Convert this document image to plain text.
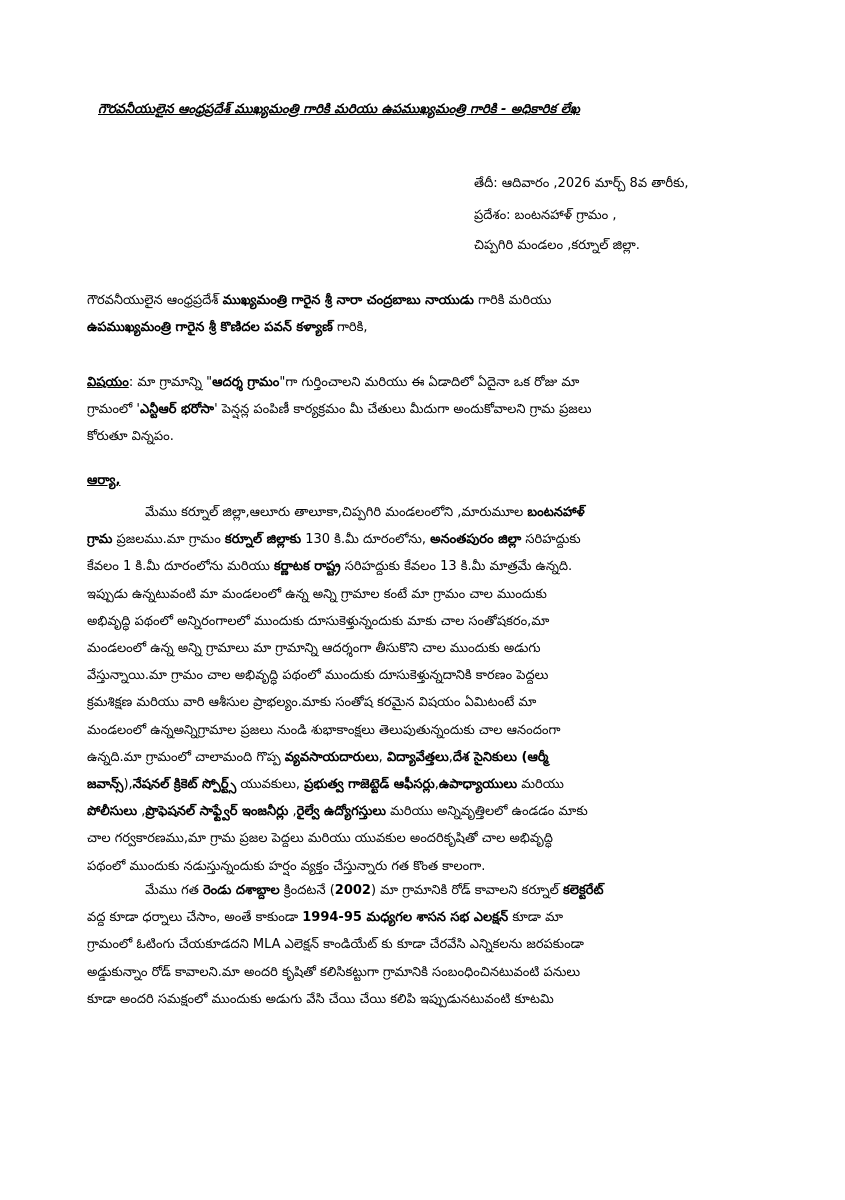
గౌరవనీయులైన ఆంధ్రప్రదేశ్ ముఖ్యమంత్రి గారికి మరియు ఉపముఖ్యమంత్రి గారికి - అధికారిక లేఖ
తేదీ: ఆదివారం ,2026 మార్చ్ 8వ తారీకు,
ప్రదేశం: బంటనహాళ్ గ్రామం ,
చిప్పగిరి మండలం ,కర్నూల్ జిల్లా.
గౌరవనీయులైన ఆంధ్రప్రదేశ్ ముఖ్యమంత్రి గారైన శ్రీ నారా చంద్రబాబు నాయుడు గారికి మరియు
ఉపముఖ్యమంత్రి గారైన శ్రీ కొణిదల పవన్ కళ్యాణ్ గారికి,
విషయం: మా గ్రామాన్ని "ఆదర్శ గ్రామం"గా గుర్తించాలని మరియు ఈ ఏడాదిలో ఏదైనా ఒక రోజు మా
గ్రామంలో 'ఎన్టీఆర్ భరోసా' పెన్షన్ల పంపిణీ కార్యక్రమం మీ చేతులు మీదుగా అందుకోవాలని గ్రామ ప్రజలు
కోరుతూ విన్నపం.
ఆర్యా,
మేము కర్నూల్ జిల్లా,ఆలూరు తాలూకా,చిప్పగిరి మండలంలోని ,మారుమూల బంటనహాళ్
గ్రామ ప్రజలము.మా గ్రామం కర్నూల్ జిల్లాకు 130 కి.మీ దూరంలోను, అనంతపురం జిల్లా సరిహద్దుకు
కేవలం 1 కి.మీ దూరంలోను మరియు కర్ణాటక రాష్ట్ర సరిహద్దుకు కేవలం 13 కి.మీ మాత్రమే ఉన్నది.
ఇప్పుడు ఉన్నటువంటి మా మండలంలో ఉన్న అన్ని గ్రామాల కంటే మా గ్రామం చాల ముందుకు
అభివృద్ధి పథంలో అన్నిరంగాలలో ముందుకు దూసుకెళ్తున్నందుకు మాకు చాల సంతోషకరం,మా
మండలంలో ఉన్న అన్ని గ్రామాలు మా గ్రామాన్ని ఆదర్శంగా తీసుకొని చాల ముందుకు అడుగు
వేస్తున్నాయి.మా గ్రామం చాల అభివృద్ధి పథంలో ముందుకు దూసుకెళ్తున్నదానికి కారణం పెద్దలు
క్రమశిక్షణ మరియు వారి ఆశీసుల ప్రాభల్యం.మాకు సంతోష కరమైన విషయం ఏమిటంటే మా
మండలంలో ఉన్నఅన్నిగ్రామాల ప్రజలు నుండి శుభాకాంక్షలు తెలుపుతున్నందుకు చాల ఆనందంగా
ఉన్నది.మా గ్రామంలో చాలామంది గొప్ప వ్యవసాయదారులు, విద్యావేత్తలు,దేశ సైనికులు (ఆర్మీ
జవాన్స్),నేషనల్ క్రికెట్ స్పోర్ట్స్ యువకులు, ప్రభుత్వ గాజెట్టెడ్ ఆఫీసర్లు,ఉపాధ్యాయులు మరియు
పోలీసులు ,ప్రొఫెషనల్ సాఫ్ట్వేర్ ఇంజనీర్లు ,రైల్వే ఉద్యోగస్తులు మరియు అన్నివృత్తిలలో ఉండడం మాకు
చాల గర్వకారణము,మా గ్రామ ప్రజల పెద్దలు మరియు యువకుల అందరికృషితో చాల అభివృద్ధి
పథంలో ముందుకు నడుస్తున్నందుకు హర్షం వ్యక్తం చేస్తున్నారు గత కొంత కాలంగా.
మేము గత రెండు దశాబ్దాల క్రిందటనే (2002) మా గ్రామానికి రోడ్ కావాలని కర్నూల్ కలెక్టరేట్
వద్ద కూడా ధర్నాలు చేసాం, అంతే కాకుండా 1994-95 మధ్యగల శాసన సభ ఎలక్షన్ కూడా మా
గ్రామంలో ఓటింగు చేయకూడదని MLA ఎలెక్షన్ కాండియేట్ కు కూడా చేరవేసి ఎన్నికలను జరపకుండా
అడ్డుకున్నాం రోడ్ కావాలని.మా అందరి కృషితో కలిసికట్టుగా గ్రామానికి సంబంధించినటువంటి పనులు
కూడా అందరి సమక్షంలో ముందుకు అడుగు వేసి చేయి చేయి కలిపి ఇప్పుడునటువంటి కూటమి
